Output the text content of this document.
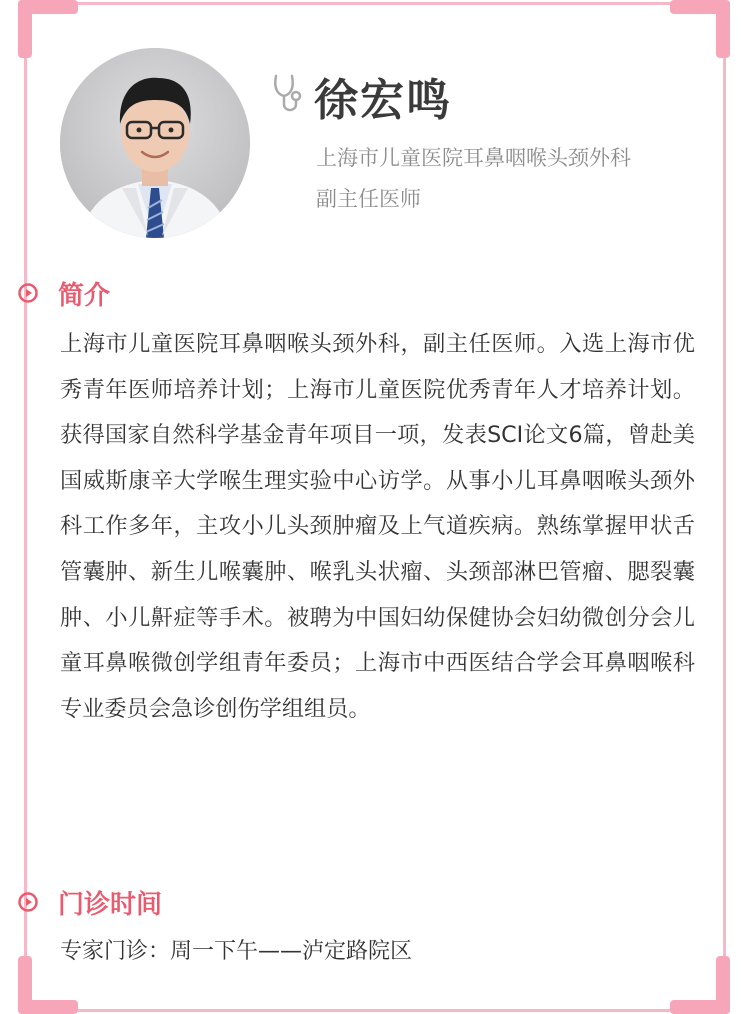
徐宏鸣
上海市儿童医院耳鼻咽喉头颈外科
副主任医师
简介

上海市儿童医院耳鼻咽喉头颈外科，副主任医师。入选上海市优秀青年医师培养计划；上海市儿童医院优秀青年人才培养计划。获得国家自然科学基金青年项目一项，发表SCI论文6篇，曾赴美国威斯康辛大学喉生理实验中心访学。从事小儿耳鼻咽喉头颈外科工作多年，主攻小儿头颈肿瘤及上气道疾病。熟练掌握甲状舌管囊肿、新生儿喉囊肿、喉乳头状瘤、头颈部淋巴管瘤、腮裂囊肿、小儿鼾症等手术。被聘为中国妇幼保健协会妇幼微创分会儿童耳鼻喉微创学组青年委员；上海市中西医结合学会耳鼻咽喉科专业委员会急诊创伤学组组员。

门诊时间

专家门诊：周一下午——泸定路院区
